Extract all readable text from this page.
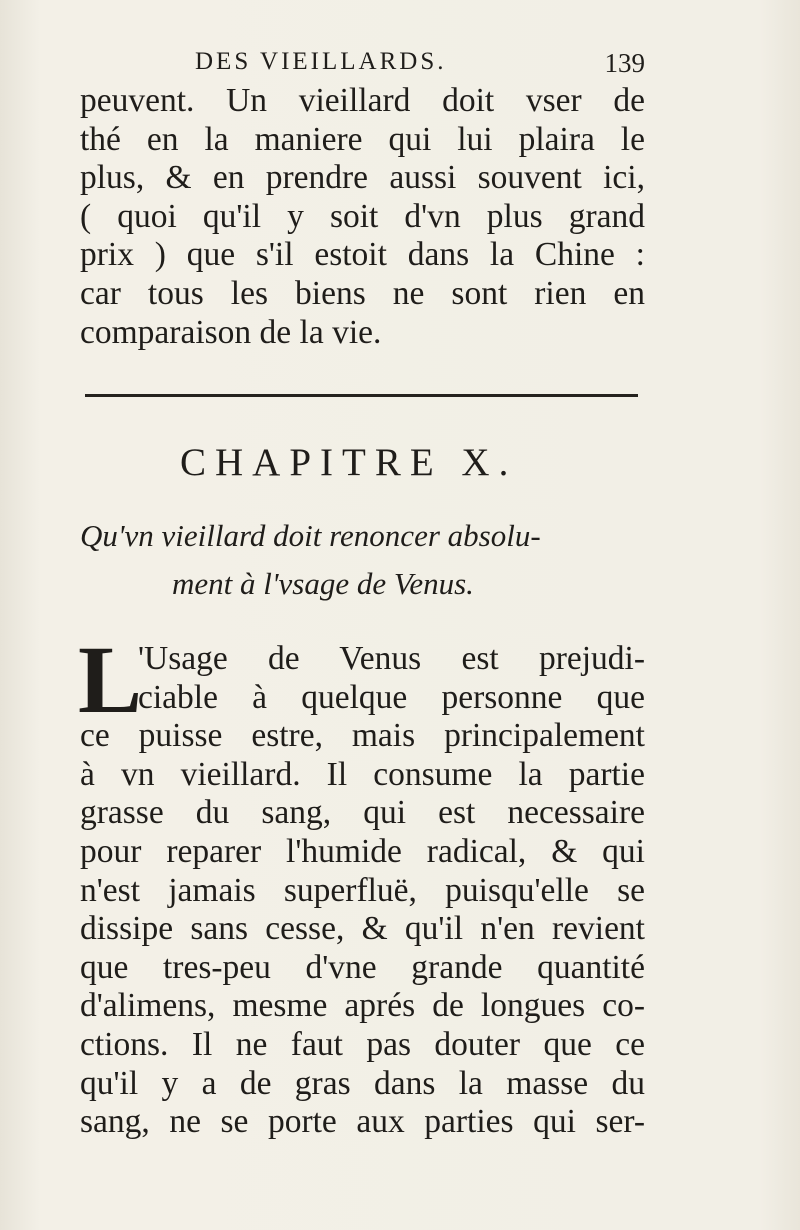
DES VIEILLARDS.	139
peuvent. Un vieillard doit vser de
thé en la maniere qui lui plaira le
plus, & en prendre aussi souvent ici,
( quoi qu'il y soit d'vn plus grand
prix ) que s'il estoit dans la Chine :
car tous les biens ne sont rien en
comparaison de la vie.
CHAPITRE X.
Qu'vn vieillard doit renoncer absolu-
ment à l'vsage de Venus.
L
'Usage de Venus est prejudi-
ciable à quelque personne que
ce puisse estre, mais principalement
à vn vieillard. Il consume la partie
grasse du sang, qui est necessaire
pour reparer l'humide radical, & qui
n'est jamais superfluë, puisqu'elle se
dissipe sans cesse, & qu'il n'en revient
que tres-peu d'vne grande quantité
d'alimens, mesme aprés de longues co-
ctions. Il ne faut pas douter que ce
qu'il y a de gras dans la masse du
sang, ne se porte aux parties qui ser-
